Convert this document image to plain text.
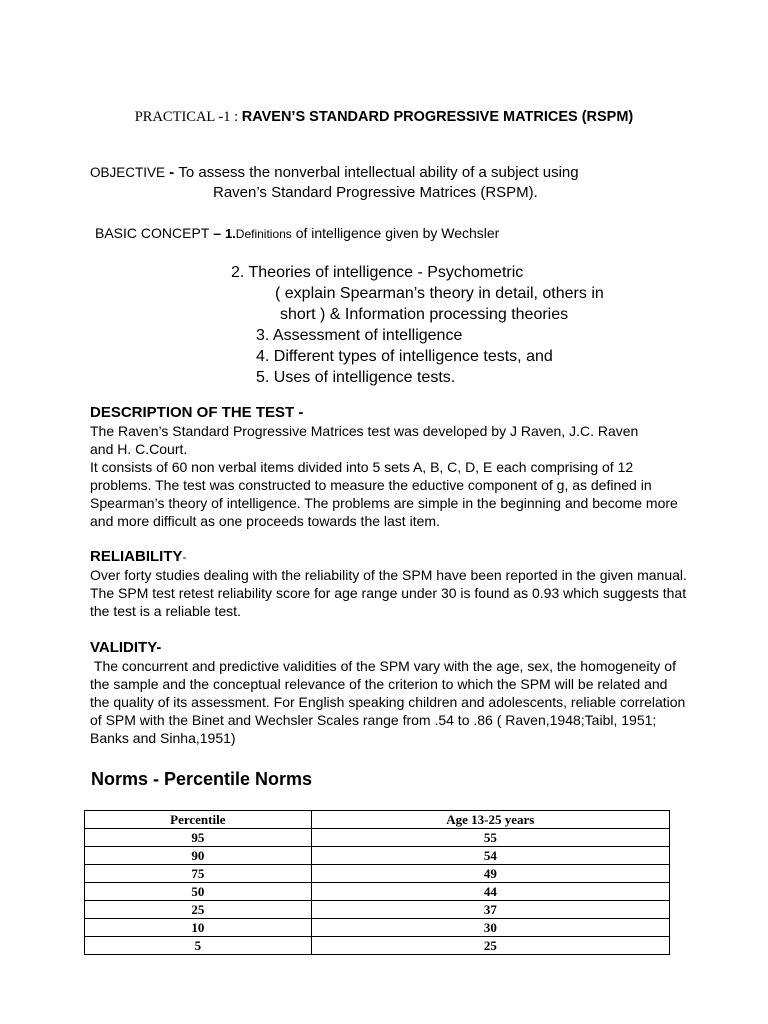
PRACTICAL -1 : RAVEN’S STANDARD PROGRESSIVE MATRICES (RSPM)
OBJECTIVE - To assess the nonverbal intellectual ability of a subject using
Raven’s Standard Progressive Matrices (RSPM).
BASIC CONCEPT – 1.Definitions of intelligence given by Wechsler
2. Theories of intelligence - Psychometric
( explain Spearman’s theory in detail, others in
short ) & Information processing theories
3. Assessment of intelligence
4. Different types of intelligence tests, and
5. Uses of intelligence tests.
DESCRIPTION OF THE TEST -
The Raven’s Standard Progressive Matrices test was developed by J Raven, J.C. Raven and H. C.Court.
It consists of 60 non verbal items divided into 5 sets A, B, C, D, E each comprising of 12 problems. The test was constructed to measure the eductive component of g, as defined in Spearman’s theory of intelligence. The problems are simple in the beginning and become more and more difficult as one proceeds towards the last item.
RELIABILITY-
Over forty studies dealing with the reliability of the SPM have been reported in the given manual. The SPM test retest reliability score for age range under 30 is found as 0.93 which suggests that the test is a reliable test.
VALIDITY-
The concurrent and predictive validities of the SPM vary with the age, sex, the homogeneity of the sample and the conceptual relevance of the criterion to which the SPM will be related and the quality of its assessment. For English speaking children and adolescents, reliable correlation of SPM with the Binet and Wechsler Scales range from .54 to .86 ( Raven,1948;Taibl, 1951; Banks and Sinha,1951)
Norms - Percentile Norms
Percentile	Age 13-25 years
95	55
90	54
75	49
50	44
25	37
10	30
5	25
